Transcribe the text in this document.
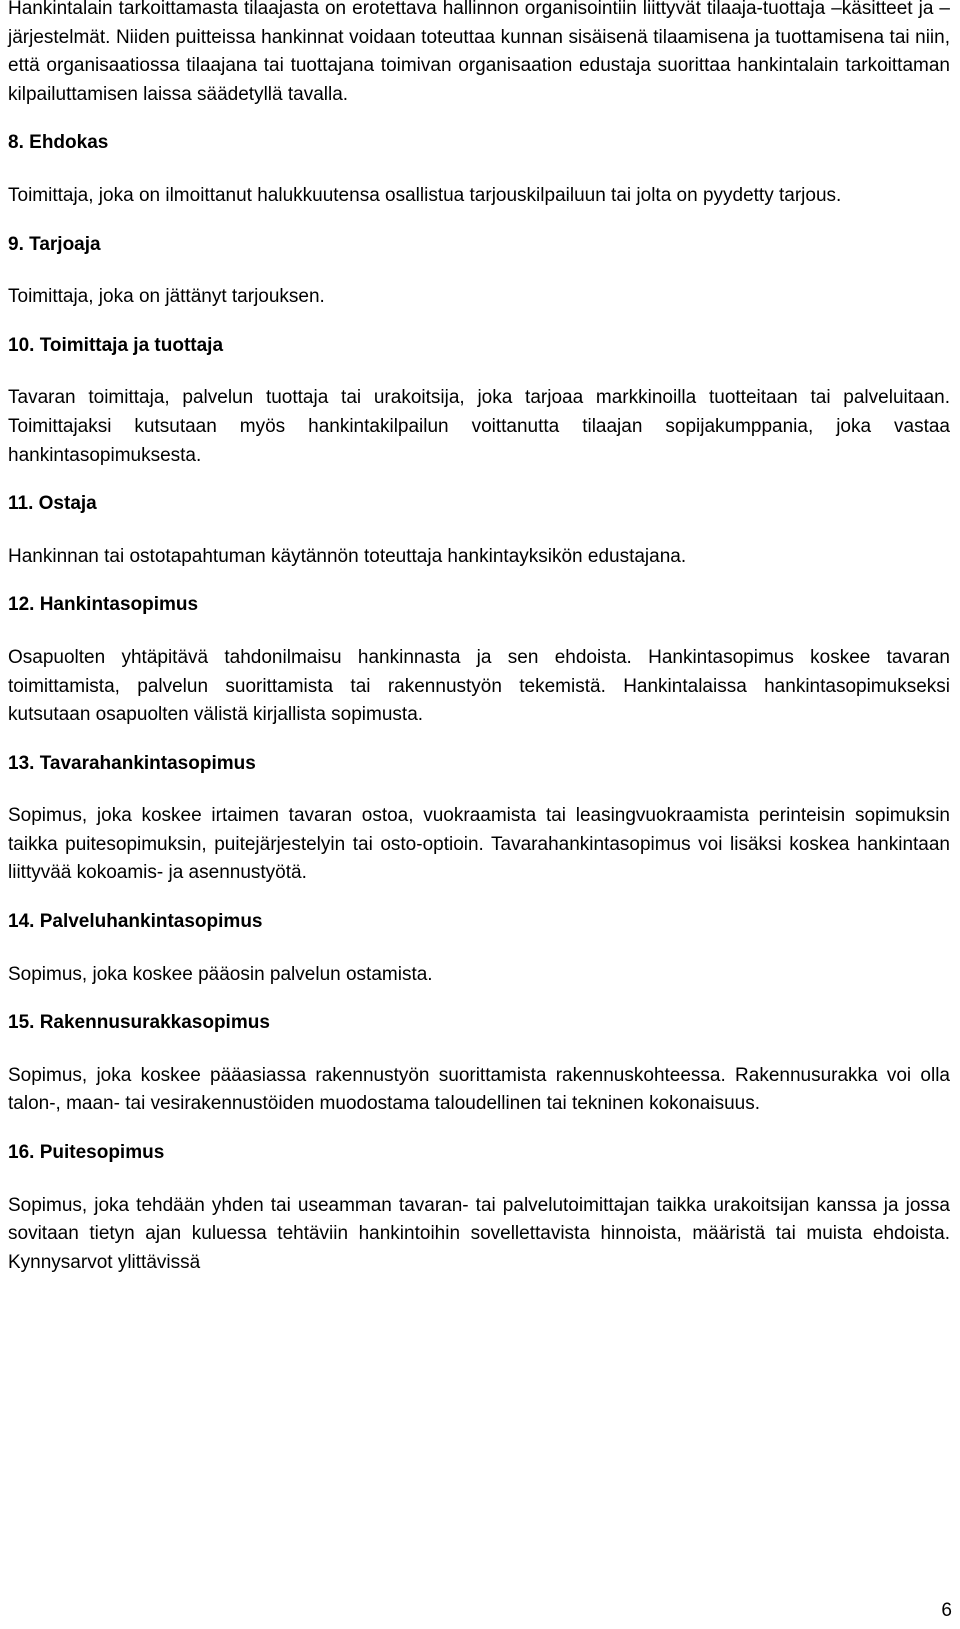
Hankintalain tarkoittamasta tilaajasta on erotettava hallinnon organisointiin liittyvät tilaaja-tuottaja –käsitteet ja –järjestelmät. Niiden puitteissa hankinnat voidaan toteuttaa kunnan sisäisenä tilaamisena ja tuottamisena tai niin, että organisaatiossa tilaajana tai tuottajana toimivan organisaation edustaja suorittaa hankintalain tarkoittaman kilpailuttamisen laissa säädetyllä tavalla.

8. Ehdokas

Toimittaja, joka on ilmoittanut halukkuutensa osallistua tarjouskilpailuun tai jolta on pyydetty tarjous.

9. Tarjoaja

Toimittaja, joka on jättänyt tarjouksen.

10. Toimittaja ja tuottaja

Tavaran toimittaja, palvelun tuottaja tai urakoitsija, joka tarjoaa markkinoilla tuotteitaan tai palveluitaan. Toimittajaksi kutsutaan myös hankintakilpailun voittanutta tilaajan sopijakumppania, joka vastaa hankintasopimuksesta.

11. Ostaja

Hankinnan tai ostotapahtuman käytännön toteuttaja hankintayksikön edustajana.

12. Hankintasopimus

Osapuolten yhtäpitävä tahdonilmaisu hankinnasta ja sen ehdoista. Hankintasopimus koskee tavaran toimittamista, palvelun suorittamista tai rakennustyön tekemistä. Hankintalaissa hankintasopimukseksi kutsutaan osapuolten välistä kirjallista sopimusta.

13. Tavarahankintasopimus

Sopimus, joka koskee irtaimen tavaran ostoa, vuokraamista tai leasingvuokraamista perinteisin sopimuksin taikka puitesopimuksin, puitejärjestelyin tai osto-optioin. Tavarahankintasopimus voi lisäksi koskea hankintaan liittyvää kokoamis- ja asennustyötä.

14. Palveluhankintasopimus

Sopimus, joka koskee pääosin palvelun ostamista.

15. Rakennusurakkasopimus

Sopimus, joka koskee pääasiassa rakennustyön suorittamista rakennuskohteessa. Rakennusurakka voi olla talon-, maan- tai vesirakennustöiden muodostama taloudellinen tai tekninen kokonaisuus.

16. Puitesopimus

Sopimus, joka tehdään yhden tai useamman tavaran- tai palvelutoimittajan taikka urakoitsijan kanssa ja jossa sovitaan tietyn ajan kuluessa tehtäviin hankintoihin sovellettavista hinnoista, määristä tai muista ehdoista. Kynnysarvot ylittävissä

6
